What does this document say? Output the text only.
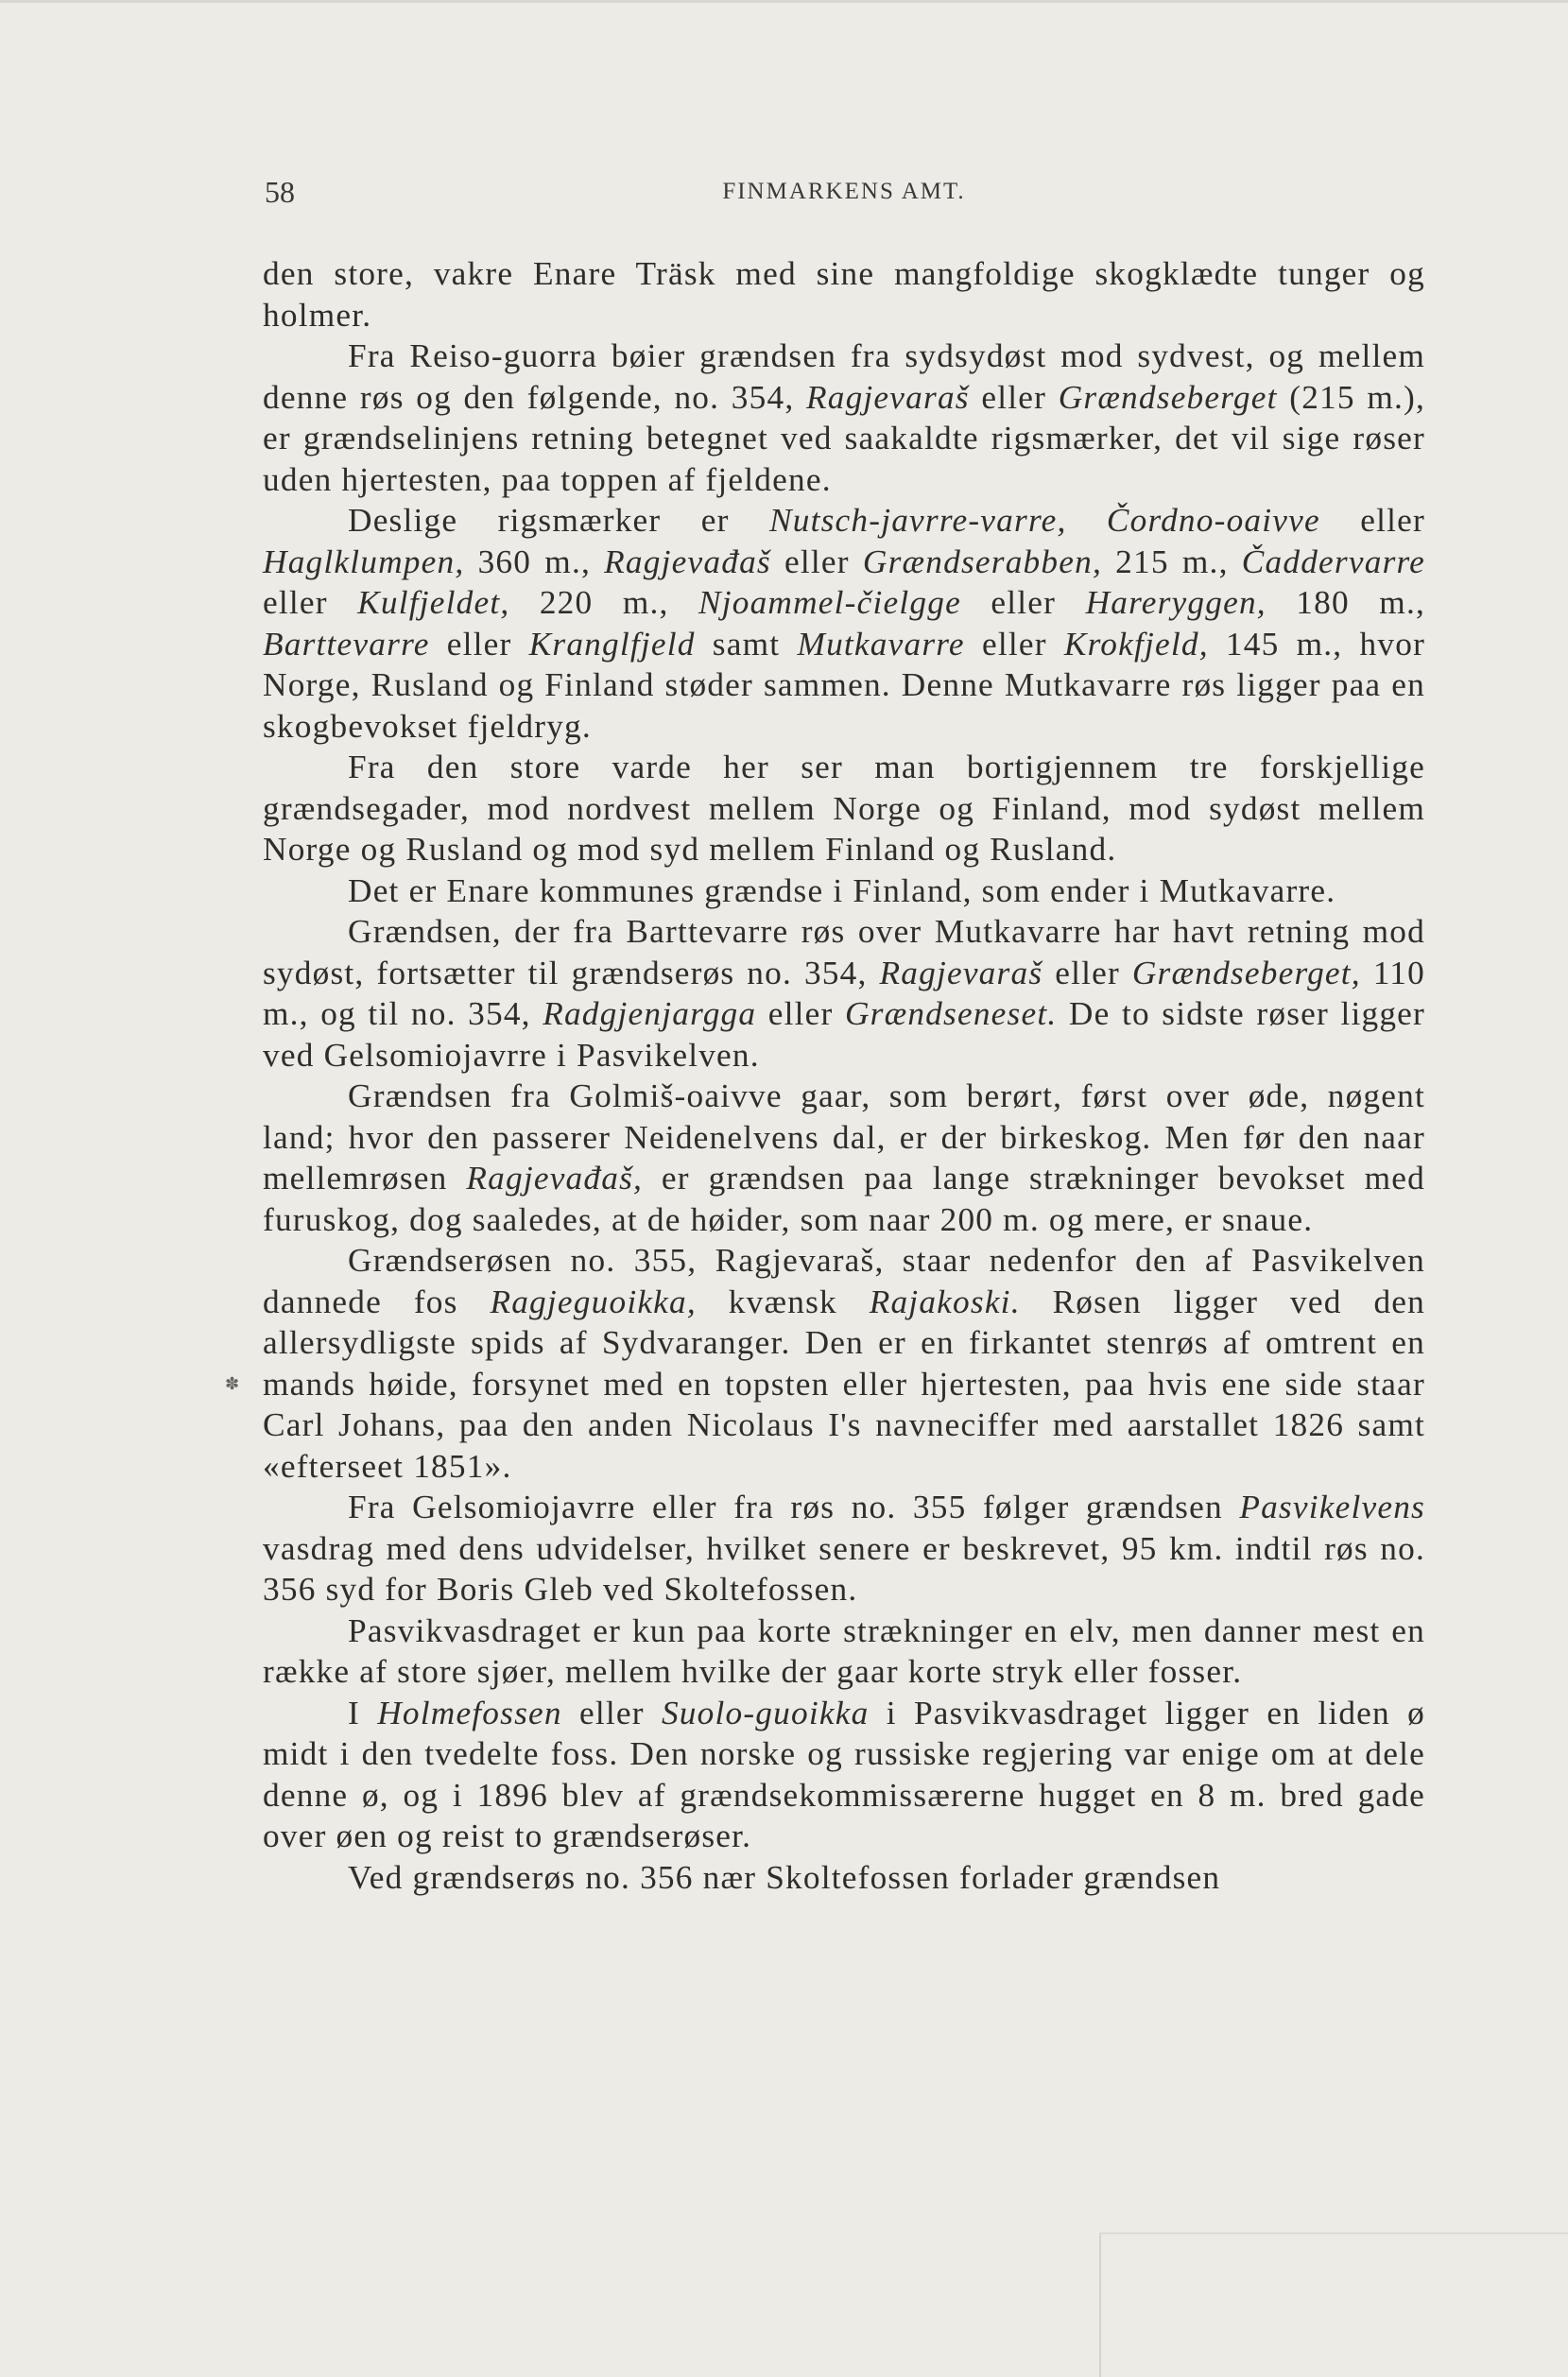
58	FINMARKENS AMT.

den store, vakre Enare Träsk med sine mangfoldige skogklædte tunger og holmer.

Fra Reiso-guorra bøier grændsen fra sydsydøst mod sydvest, og mellem denne røs og den følgende, no. 354, Ragjevaraš eller Grændseberget (215 m.), er grændselinjens retning betegnet ved saakaldte rigsmærker, det vil sige røser uden hjertesten, paa toppen af fjeldene.

Deslige rigsmærker er Nutsch-javrre-varre, Čordno-oaivve eller Haglklumpen, 360 m., Ragjevađaš eller Grændserabben, 215 m., Čaddervarre eller Kulfjeldet, 220 m., Njoammel-čielgge eller Hareryggen, 180 m., Barttevarre eller Kranglfjeld samt Mutkavarre eller Krokfjeld, 145 m., hvor Norge, Rusland og Finland støder sammen. Denne Mutkavarre røs ligger paa en skogbevokset fjeldryg.

Fra den store varde her ser man bortigjennem tre forskjellige grændsegader, mod nordvest mellem Norge og Finland, mod sydøst mellem Norge og Rusland og mod syd mellem Finland og Rusland.

Det er Enare kommunes grændse i Finland, som ender i Mutkavarre.

Grændsen, der fra Barttevarre røs over Mutkavarre har havt retning mod sydøst, fortsætter til grændserøs no. 354, Ragjevaraš eller Grændseberget, 110 m., og til no. 354, Radgjenjargga eller Grændseneset. De to sidste røser ligger ved Gelsomiojavrre i Pasvikelven.

Grændsen fra Golmiš-oaivve gaar, som berørt, først over øde, nøgent land; hvor den passerer Neidenelvens dal, er der birkeskog. Men før den naar mellemrøsen Ragjevađaš, er grændsen paa lange strækninger bevokset med furuskog, dog saaledes, at de høider, som naar 200 m. og mere, er snaue.

Grændserøsen no. 355, Ragjevaraš, staar nedenfor den af Pasvikelven dannede fos Ragjeguoikka, kvænsk Rajakoski. Røsen ligger ved den allersydligste spids af Sydvaranger. Den er en firkantet stenrøs af omtrent en mands høide, forsynet med en topsten eller hjertesten, paa hvis ene side staar Carl Johans, paa den anden Nicolaus I's navneciffer med aarstallet 1826 samt «efterseet 1851».

Fra Gelsomiojavrre eller fra røs no. 355 følger grændsen Pasvikelvens vasdrag med dens udvidelser, hvilket senere er beskrevet, 95 km. indtil røs no. 356 syd for Boris Gleb ved Skoltefossen.

Pasvikvasdraget er kun paa korte strækninger en elv, men danner mest en række af store sjøer, mellem hvilke der gaar korte stryk eller fosser.

I Holmefossen eller Suolo-guoikka i Pasvikvasdraget ligger en liden ø midt i den tvedelte foss. Den norske og russiske regjering var enige om at dele denne ø, og i 1896 blev af grændsekommissærerne hugget en 8 m. bred gade over øen og reist to grændserøser.

Ved grændserøs no. 356 nær Skoltefossen forlader grændsen

✽
